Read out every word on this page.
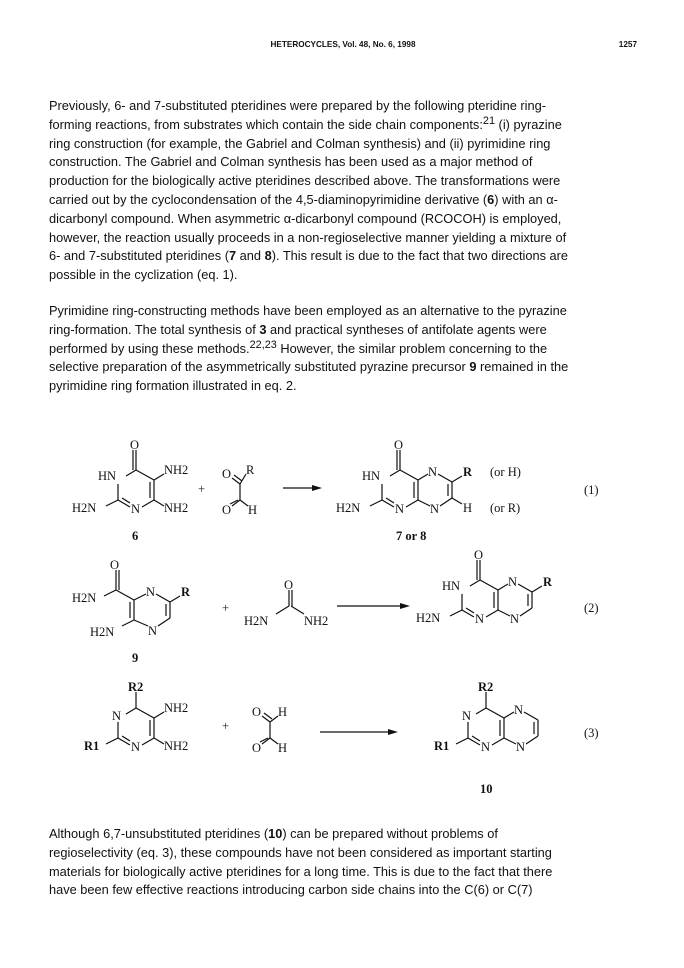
HETEROCYCLES, Vol. 48, No. 6, 1998	1257

Previously, 6- and 7-substituted pteridines were prepared by the following pteridine ring-

forming reactions, from substrates which contain the side chain components:$^{21}$ (i) pyrazine

ring construction (for example, the Gabriel and Colman synthesis) and (ii) pyrimidine ring

construction. The Gabriel and Colman synthesis has been used as a major method of

production for the biologically active pteridines described above. The transformations were

carried out by the cyclocondensation of the 4,5-diaminopyrimidine derivative (6) with an α-

dicarbonyl compound. When asymmetric α-dicarbonyl compound (RCOCOH) is employed,

however, the reaction usually proceeds in a non-regioselective manner yielding a mixture of

6- and 7-substituted pteridines (7 and 8). This result is due to the fact that two directions are

possible in the cyclization (eq. 1).

Pyrimidine ring-constructing methods have been employed as an alternative to the pyrazine

ring-formation. The total synthesis of 3 and practical syntheses of antifolate agents were

performed by using these methods.$^{22,23}$ However, the similar problem concerning to the

selective preparation of the asymmetrically substituted pyrazine precursor 9 remained in the

pyrimidine ring formation illustrated in eq. 2.

O
HN	NH2
H2N	N NH2
6
+
O R
O H
O
HN	N R (or H)
H2N	N N H (or R)
7 or 8
(1)
O
H2N	N R
H2N	N
9
+
O
H2N	NH2
O
HN	N R
H2N	N N
(2)
R2
N
NH2
R1	N NH2
+
O H
O H
R2
N	N
R1	N N
10
(3)

Although 6,7-unsubstituted pteridines (10) can be prepared without problems of

regioselectivity (eq. 3), these compounds have not been considered as important starting

materials for biologically active pteridines for a long time. This is due to the fact that there

have been few effective reactions introducing carbon side chains into the C(6) or C(7)
